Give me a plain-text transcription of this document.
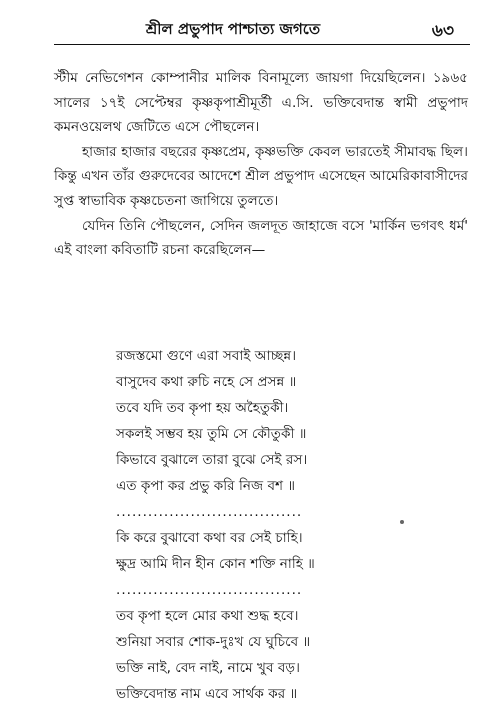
শ্রীল প্রভুপাদ পাশ্চাত্য জগতে	৬৩

স্টীম নেভিগেশন কোম্পানীর মালিক বিনামূল্যে জায়গা দিয়েছিলেন। ১৯৬৫ সালের ১৭ই সেপ্টেম্বর কৃষ্ণকৃপাশ্রীমূর্তী এ.সি. ভক্তিবেদান্ত স্বামী প্রভুপাদ কমনওয়েলথ জেটিতে এসে পৌছলেন।

হাজার হাজার বছরের কৃষ্ণপ্রেম, কৃষ্ণভক্তি কেবল ভারতেই সীমাবদ্ধ ছিল। কিন্তু এখন তাঁর গুরুদেবের আদেশে শ্রীল প্রভুপাদ এসেছেন আমেরিকাবাসীদের সুপ্ত স্বাভাবিক কৃষ্ণচেতনা জাগিয়ে তুলতে।

যেদিন তিনি পৌছলেন, সেদিন জলদূত জাহাজে বসে 'মার্কিন ভগবৎ ধর্ম' এই বাংলা কবিতাটি রচনা করেছিলেন—

রজস্তমো গুণে এরা সবাই আচ্ছন্ন।
বাসুদেব কথা রুচি নহে সে প্রসন্ন ॥
তবে যদি তব কৃপা হয় অহৈতুকী।
সকলই সম্ভব হয় তুমি সে কৌতুকী ॥
কিভাবে বুঝালে তারা বুঝে সেই রস।
এত কৃপা কর প্রভু করি নিজ বশ ॥
...................................
কি করে বুঝাবো কথা বর সেই চাহি।
ক্ষুদ্র আমি দীন হীন কোন শক্তি নাহি ॥
...................................
তব কৃপা হলে মোর কথা শুদ্ধ হবে।
শুনিয়া সবার শোক-দুঃখ যে ঘুচিবে ॥
ভক্তি নাই, বেদ নাই, নামে খুব বড়।
ভক্তিবেদান্ত নাম এবে সার্থক কর ॥
